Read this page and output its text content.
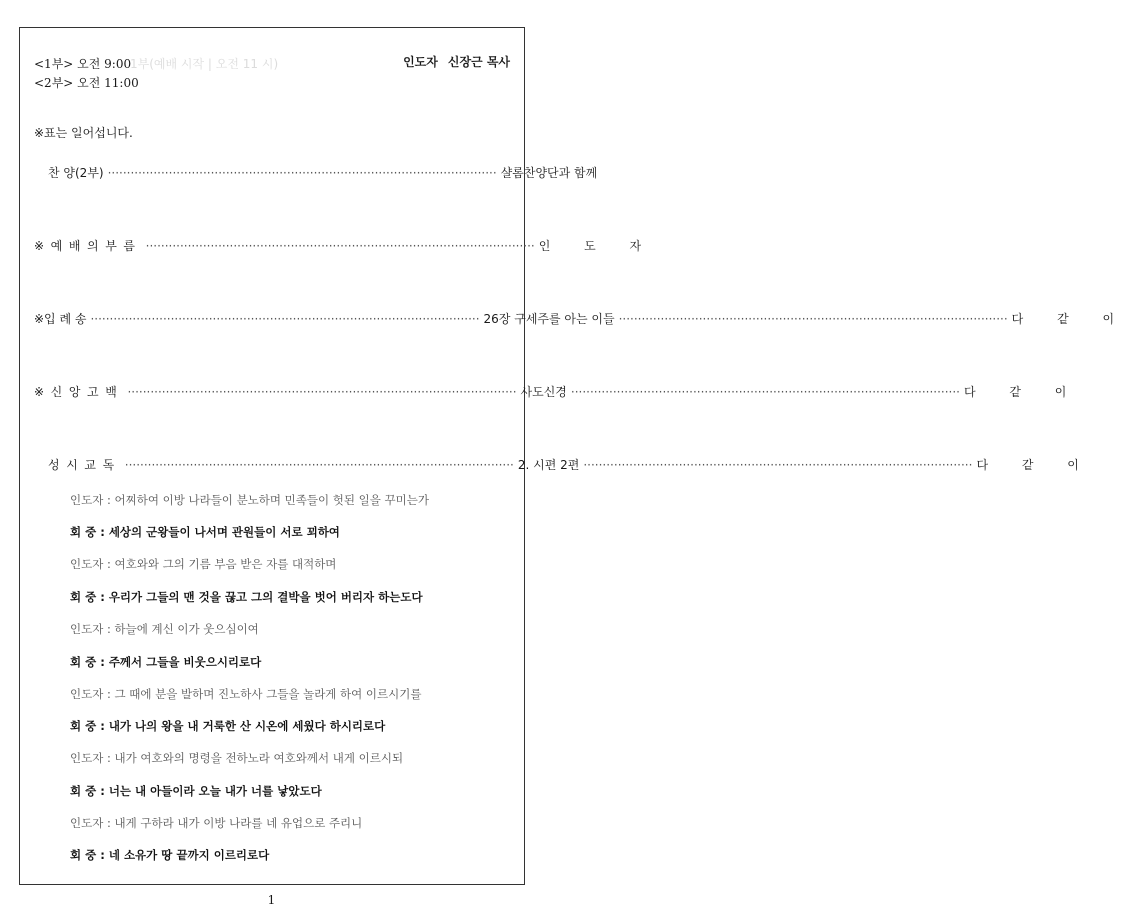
1부(예배 시작 | 오전 11 시)
<1부> 오전 9:00
<2부> 오전 11:00
인도자 신장근 목사
※표는 일어섭니다.
찬 양(2부) ······································································································ 샬롬찬양단과 함께
※예배의부름 ······································································································ 인 도 자
※입 례 송 ······································································································ 26장 구세주를 아는 이들 ······································································································ 다 같 이
※신앙고백 ······································································································ 사도신경 ······································································································ 다 같 이
성시교독 ······································································································ 2. 시편 2편 ······································································································ 다 같 이
인도자 : 어찌하여 이방 나라들이 분노하며 민족들이 헛된 일을 꾸미는가
회 중 : 세상의 군왕들이 나서며 관원들이 서로 꾀하여
인도자 : 여호와와 그의 기름 부음 받은 자를 대적하며
회 중 : 우리가 그들의 맨 것을 끊고 그의 결박을 벗어 버리자 하는도다
인도자 : 하늘에 계신 이가 웃으심이여
회 중 : 주께서 그들을 비웃으시리로다
인도자 : 그 때에 분을 발하며 진노하사 그들을 놀라게 하여 이르시기를
회 중 : 내가 나의 왕을 내 거룩한 산 시온에 세웠다 하시리로다
인도자 : 내가 여호와의 명령을 전하노라 여호와께서 내게 이르시되
회 중 : 너는 내 아들이라 오늘 내가 너를 낳았도다
인도자 : 내게 구하라 내가 이방 나라를 네 유업으로 주리니
회 중 : 네 소유가 땅 끝까지 이르리로다
1
